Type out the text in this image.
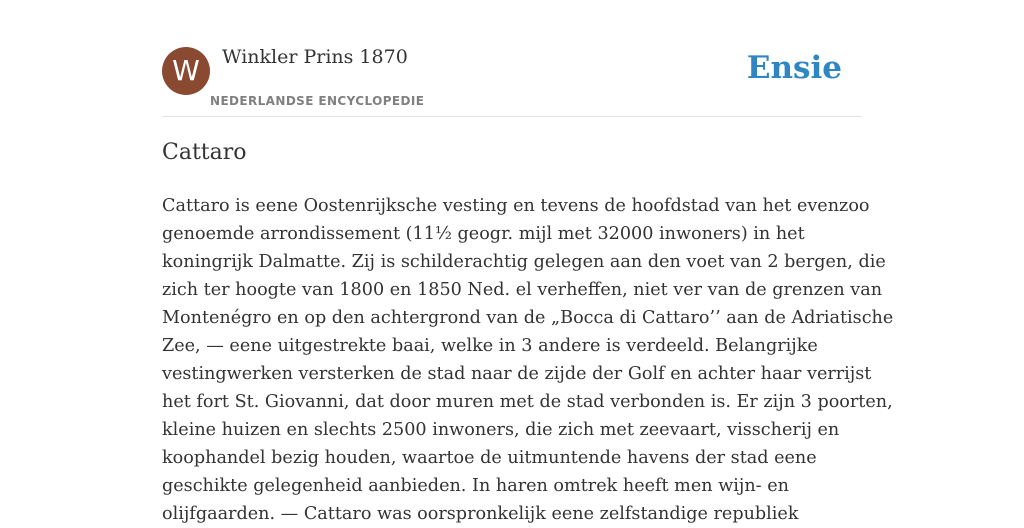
W	Winkler Prins 1870
NEDERLANDSE ENCYCLOPEDIE
Ensie
Cattaro
Cattaro is eene Oostenrijksche vesting en tevens de hoofdstad van het evenzoo
genoemde arrondissement (11½ geogr. mijl met 32000 inwoners) in het
koningrijk Dalmatte. Zij is schilderachtig gelegen aan den voet van 2 bergen, die
zich ter hoogte van 1800 en 1850 Ned. el verheffen, niet ver van de grenzen van
Montenégro en op den achtergrond van de „Bocca di Cattaro’’ aan de Adriatische
Zee, — eene uitgestrekte baai, welke in 3 andere is verdeeld. Belangrijke
vestingwerken versterken de stad naar de zijde der Golf en achter haar verrijst
het fort St. Giovanni, dat door muren met de stad verbonden is. Er zijn 3 poorten,
kleine huizen en slechts 2500 inwoners, die zich met zeevaart, visscherij en
koophandel bezig houden, waartoe de uitmuntende havens der stad eene
geschikte gelegenheid aanbieden. In haren omtrek heeft men wijn- en
olijfgaarden. — Cattaro was oorspronkelijk eene zelfstandige republiek
